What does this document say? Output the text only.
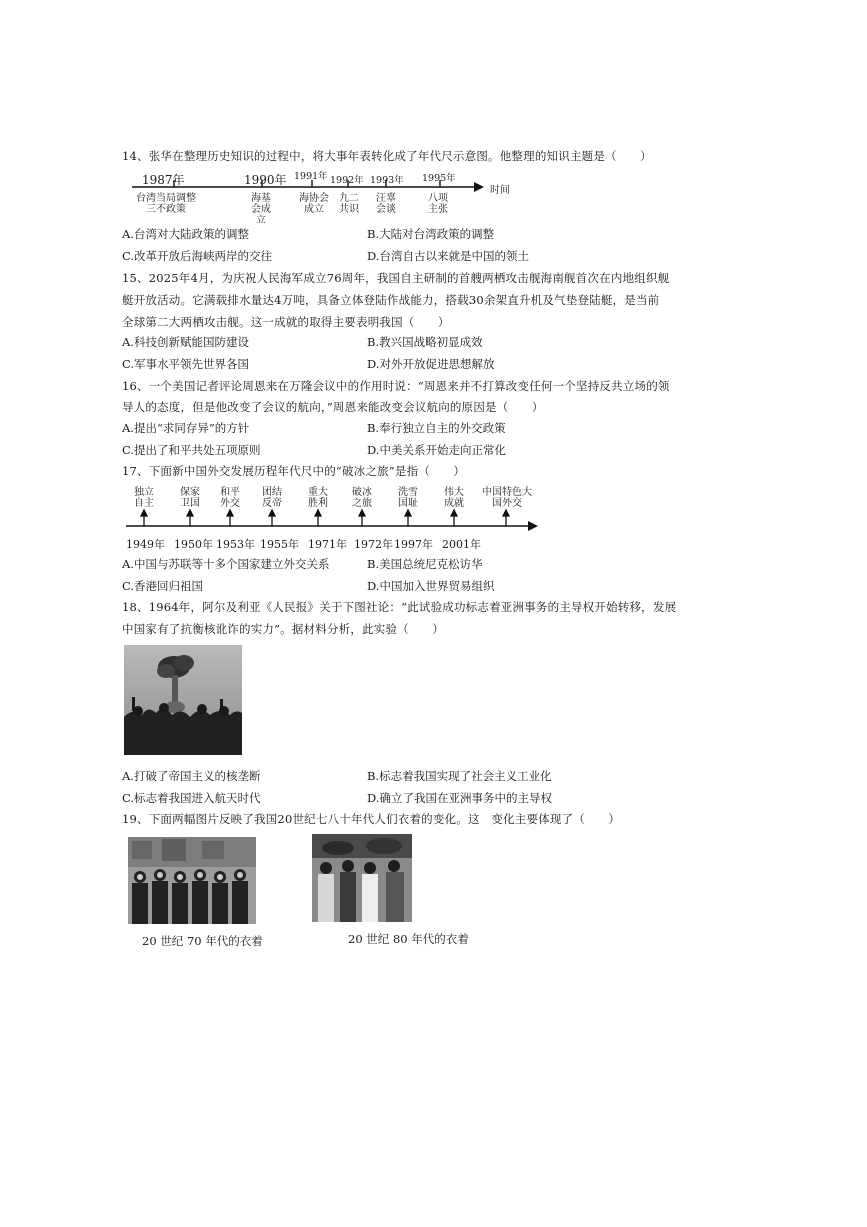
14、张华在整理历史知识的过程中，将大事年表转化成了年代尺示意图。他整理的知识主题是（　　）
1987年	1990年 1991年 1992年 1993年 1995年
时间
台湾当局调整三不政策
海基会成立
海协会成立
九二共识
汪辜会谈
八项主张
A.台湾对大陆政策的调整	B.大陆对台湾政策的调整
C.改革开放后海峡两岸的交往	D.台湾自古以来就是中国的领土
15、2025年4月，为庆祝人民海军成立76周年，我国自主研制的首艘两栖攻击舰海南舰首次在内地组织舰
艇开放活动。它满载排水量达4万吨，具备立体登陆作战能力，搭载30余架直升机及气垫登陆艇，是当前
全球第二大两栖攻击舰。这一成就的取得主要表明我国（　　）
A.科技创新赋能国防建设	B.教兴国战略初显成效
C.军事水平领先世界各国	D.对外开放促进思想解放
16、一个美国记者评论周恩来在万隆会议中的作用时说：“周恩来并不打算改变任何一个坚持反共立场的领
导人的态度，但是他改变了会议的航向，”周恩来能改变会议航向的原因是（　　）
A.提出“求同存异”的方针	B.奉行独立自主的外交政策
C.提出了和平共处五项原则	D.中美关系开始走向正常化
17、下面新中国外交发展历程年代尺中的“破冰之旅”是指（　　）
独立自主
保家卫国
和平外交
团结反帝
重大胜利
破冰之旅
洗雪国耻
伟大成就
中国特色大国外交
1949年 1950年 1953年 1955年 1971年 1972年 1997年 2001年
A.中国与苏联等十多个国家建立外交关系	B.美国总统尼克松访华
C.香港回归祖国	D.中国加入世界贸易组织
18、1964年，阿尔及利亚《人民报》关于下图社论：“此试验成功标志着亚洲事务的主导权开始转移，发展
中国家有了抗衡核讹诈的实力”。据材料分析，此实验（　　）
A.打破了帝国主义的核垄断	B.标志着我国实现了社会主义工业化
C.标志着我国进入航天时代	D.确立了我国在亚洲事务中的主导权
19、下面两幅图片反映了我国20世纪七八十年代人们衣着的变化。这　变化主要体现了（　　）
20 世纪 70 年代的衣着	20 世纪 80 年代的衣着
